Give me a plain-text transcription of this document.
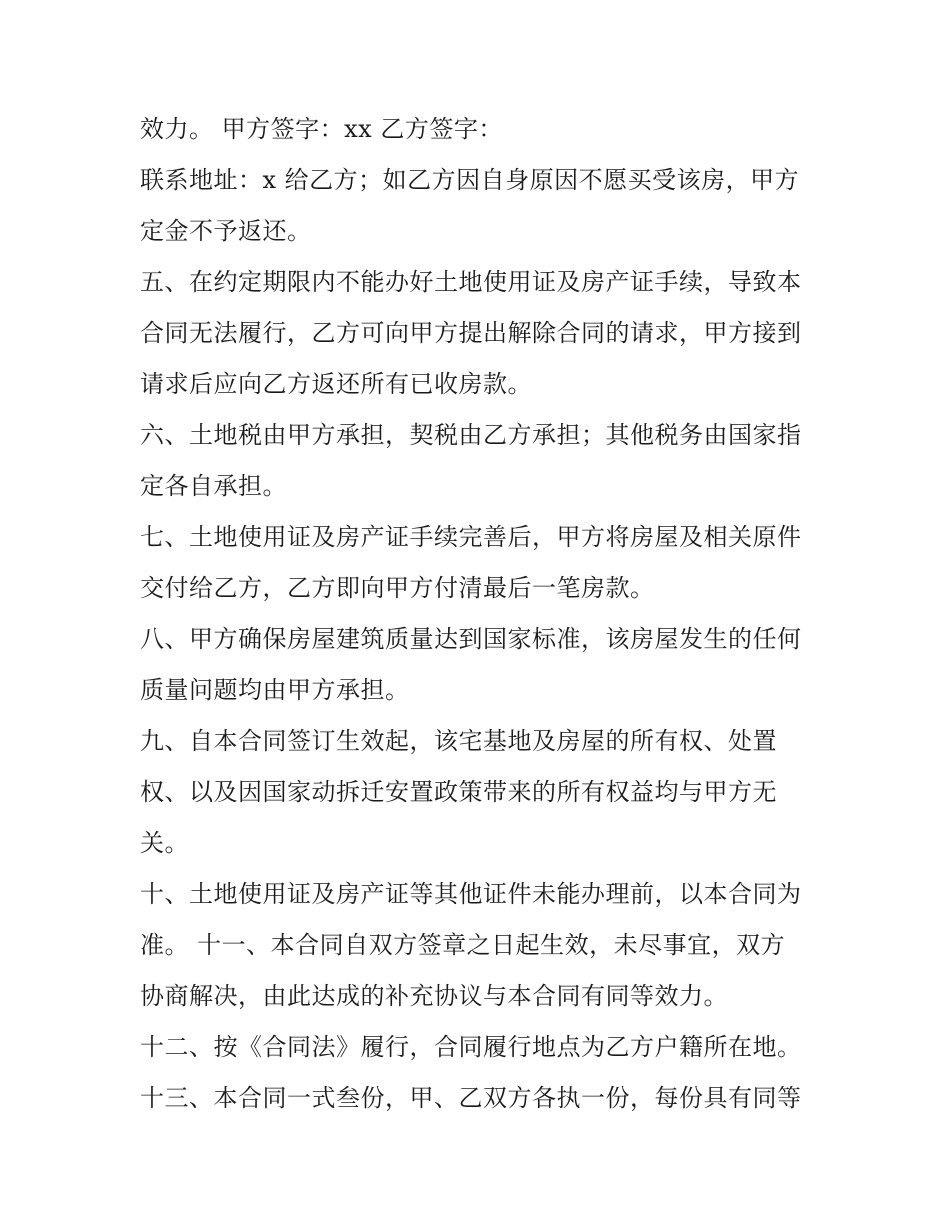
效力。 甲方签字：xx 乙方签字：

联系地址：x 给乙方；如乙方因自身原因不愿买受该房，甲方
定金不予返还。

五、在约定期限内不能办好土地使用证及房产证手续，导致本
合同无法履行，乙方可向甲方提出解除合同的请求，甲方接到
请求后应向乙方返还所有已收房款。

六、土地税由甲方承担，契税由乙方承担；其他税务由国家指
定各自承担。

七、土地使用证及房产证手续完善后，甲方将房屋及相关原件
交付给乙方，乙方即向甲方付清最后一笔房款。

八、甲方确保房屋建筑质量达到国家标准，该房屋发生的任何
质量问题均由甲方承担。

九、自本合同签订生效起，该宅基地及房屋的所有权、处置
权、以及因国家动拆迁安置政策带来的所有权益均与甲方无
关。

十、土地使用证及房产证等其他证件未能办理前，以本合同为
准。 十一、本合同自双方签章之日起生效，未尽事宜，双方
协商解决，由此达成的补充协议与本合同有同等效力。

十二、按《合同法》履行，合同履行地点为乙方户籍所在地。

十三、本合同一式叁份，甲、乙双方各执一份，每份具有同等
